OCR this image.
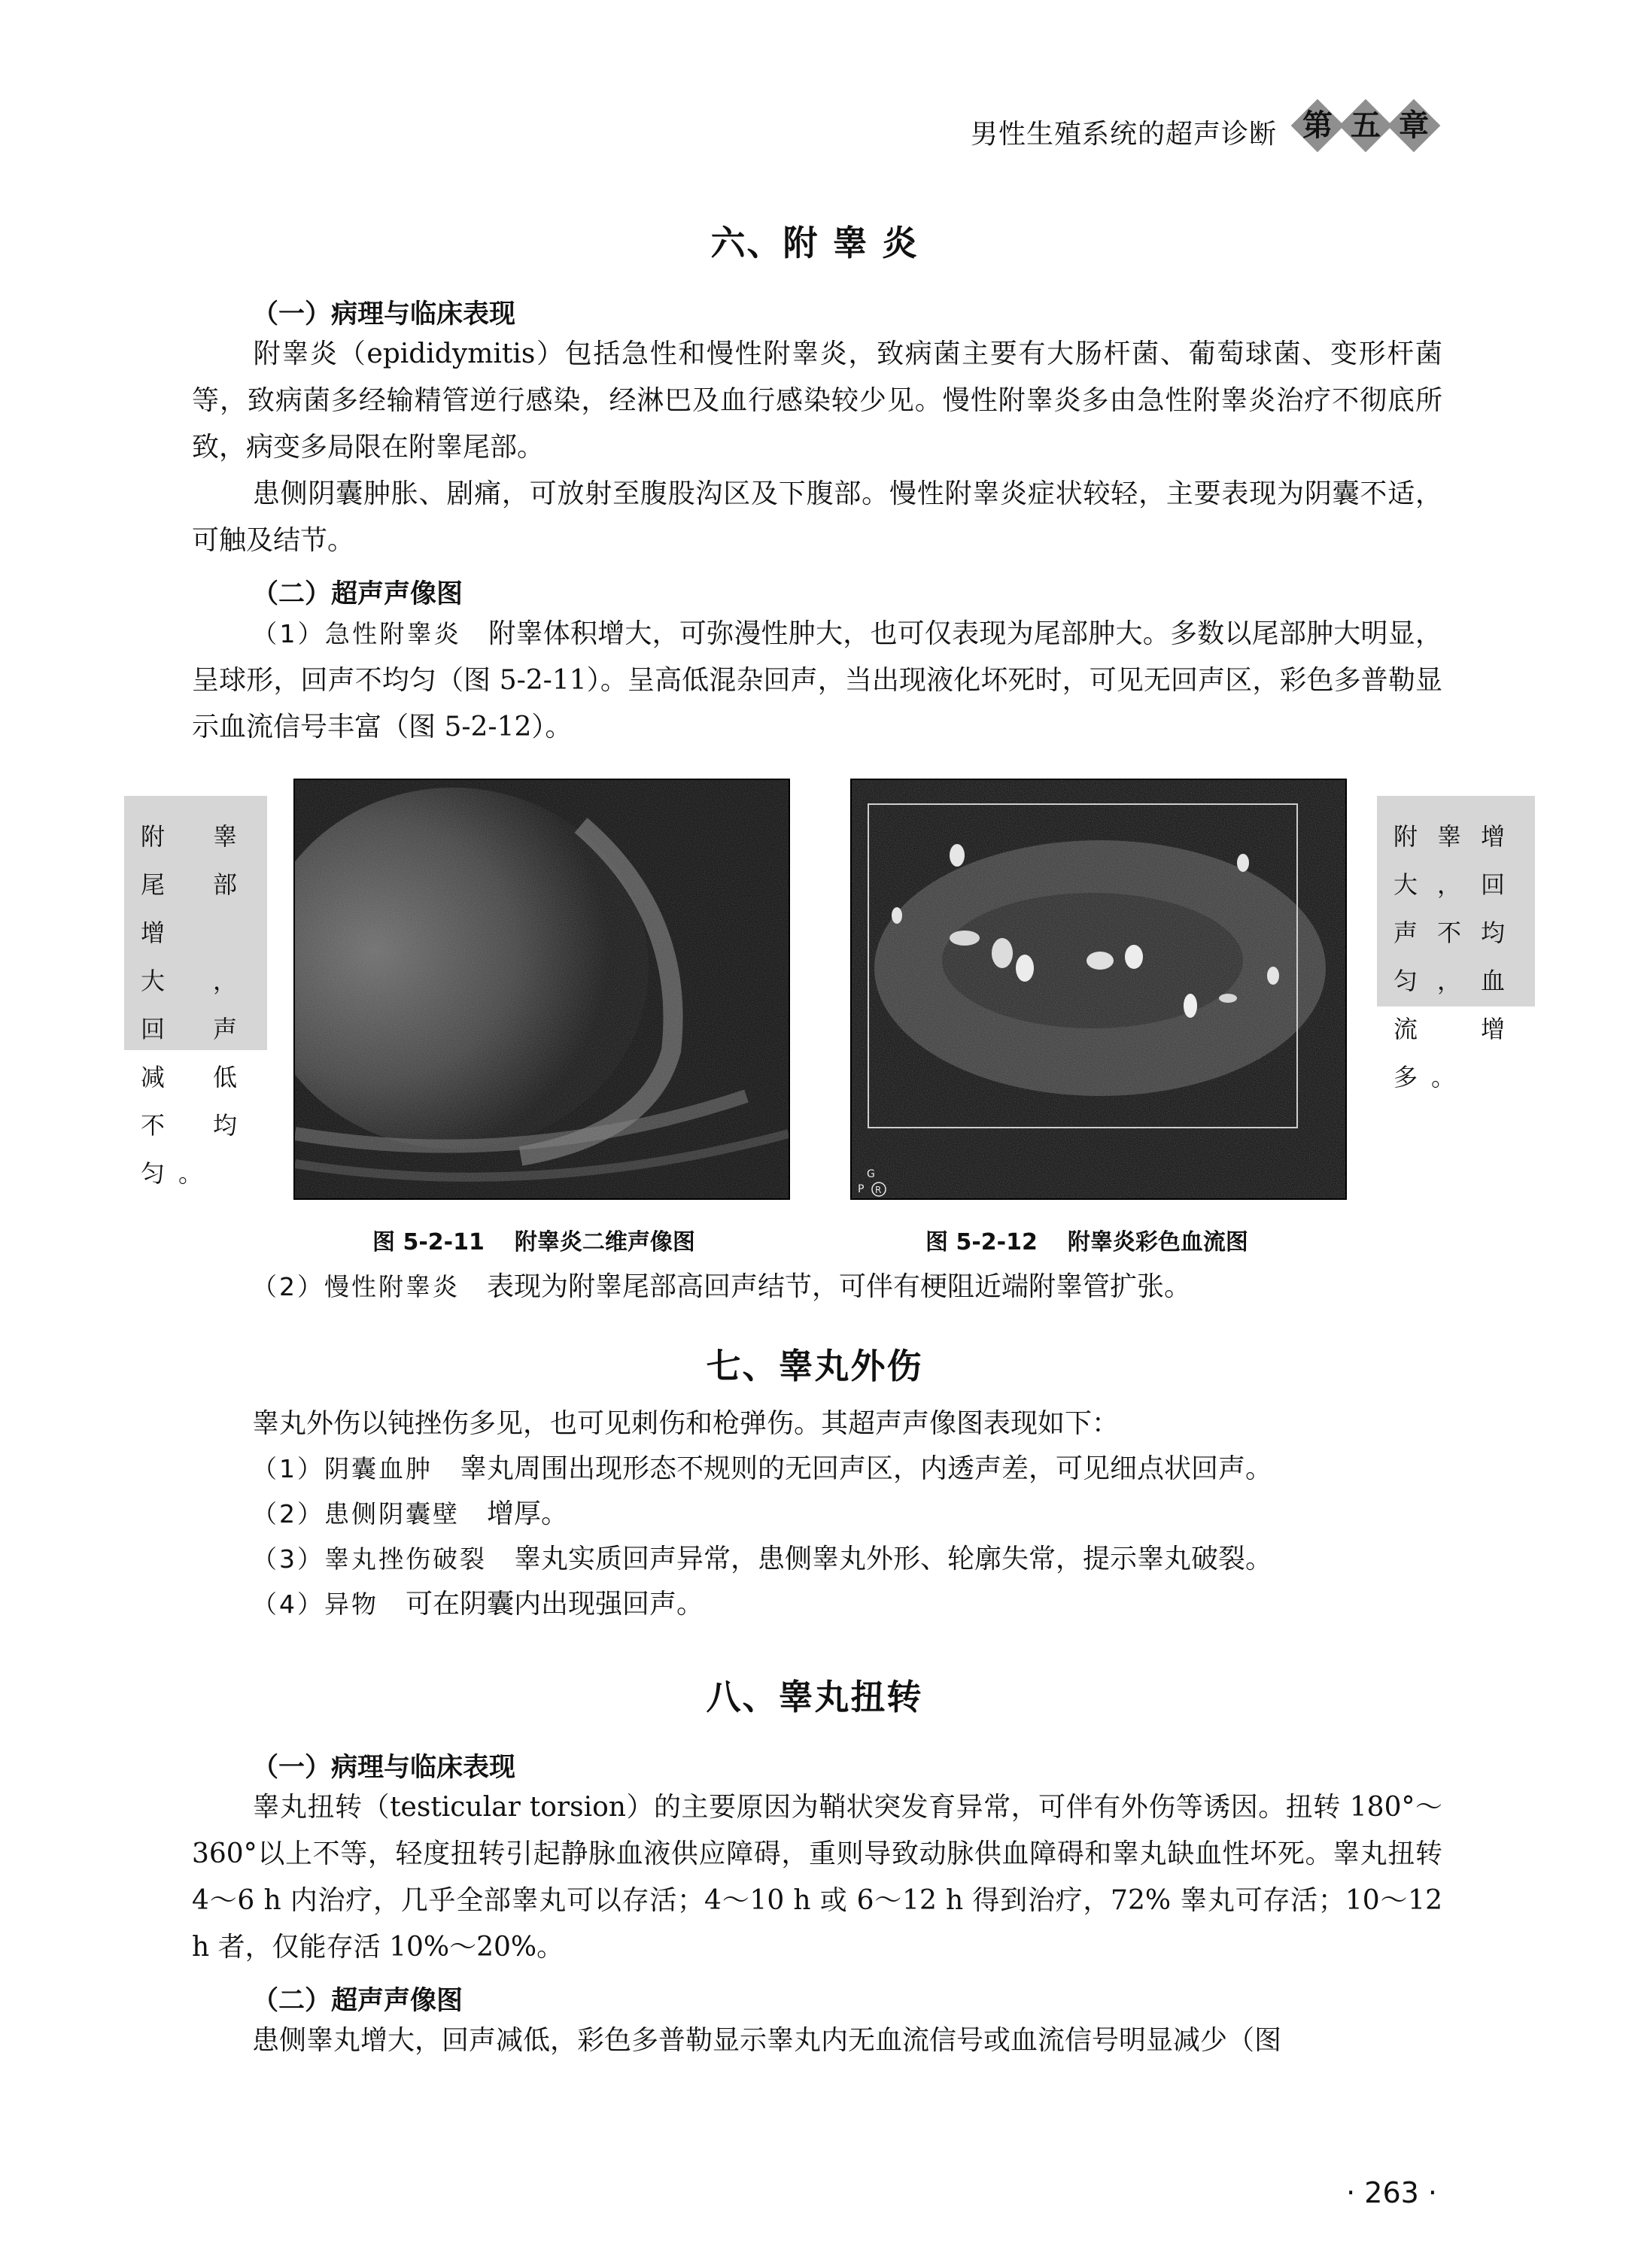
男性生殖系统的超声诊断 第 五 章
六、附 睾 炎
（一）病理与临床表现

附睾炎（epididymitis）包括急性和慢性附睾炎，致病菌主要有大肠杆菌、葡萄球菌、变形杆菌等，致病菌多经输精管逆行感染，经淋巴及血行感染较少见。慢性附睾炎多由急性附睾炎治疗不彻底所致，病变多局限在附睾尾部。

患侧阴囊肿胀、剧痛，可放射至腹股沟区及下腹部。慢性附睾炎症状较轻，主要表现为阴囊不适，可触及结节。

（二）超声声像图

（1）急性附睾炎 附睾体积增大，可弥漫性肿大，也可仅表现为尾部肿大。多数以尾部肿大明显，呈球形，回声不均匀（图 5-2-11）。呈高低混杂回声，当出现液化坏死时，可见无回声区，彩色多普勒显示血流信号丰富（图 5-2-12）。

附睾尾部增大，回声减低不均匀。	G
P R
附睾增大，回声不均匀，血流增多。
图 5-2-11 附睾炎二维声像图	图 5-2-12 附睾炎彩色血流图

（2）慢性附睾炎 表现为附睾尾部高回声结节，可伴有梗阻近端附睾管扩张。

七、睾丸外伤

睾丸外伤以钝挫伤多见，也可见刺伤和枪弹伤。其超声声像图表现如下：

（1）阴囊血肿 睾丸周围出现形态不规则的无回声区，内透声差，可见细点状回声。

（2）患侧阴囊壁 增厚。

（3）睾丸挫伤破裂 睾丸实质回声异常，患侧睾丸外形、轮廓失常，提示睾丸破裂。

（4）异物 可在阴囊内出现强回声。

八、睾丸扭转
（一）病理与临床表现

睾丸扭转（testicular torsion）的主要原因为鞘状突发育异常，可伴有外伤等诱因。扭转 180°～360°以上不等，轻度扭转引起静脉血液供应障碍，重则导致动脉供血障碍和睾丸缺血性坏死。睾丸扭转 4～6 h 内治疗，几乎全部睾丸可以存活；4～10 h 或 6～12 h 得到治疗，72% 睾丸可存活；10～12 h 者，仅能存活 10%～20%。

（二）超声声像图

患侧睾丸增大，回声减低，彩色多普勒显示睾丸内无血流信号或血流信号明显减少（图

· 263 ·
